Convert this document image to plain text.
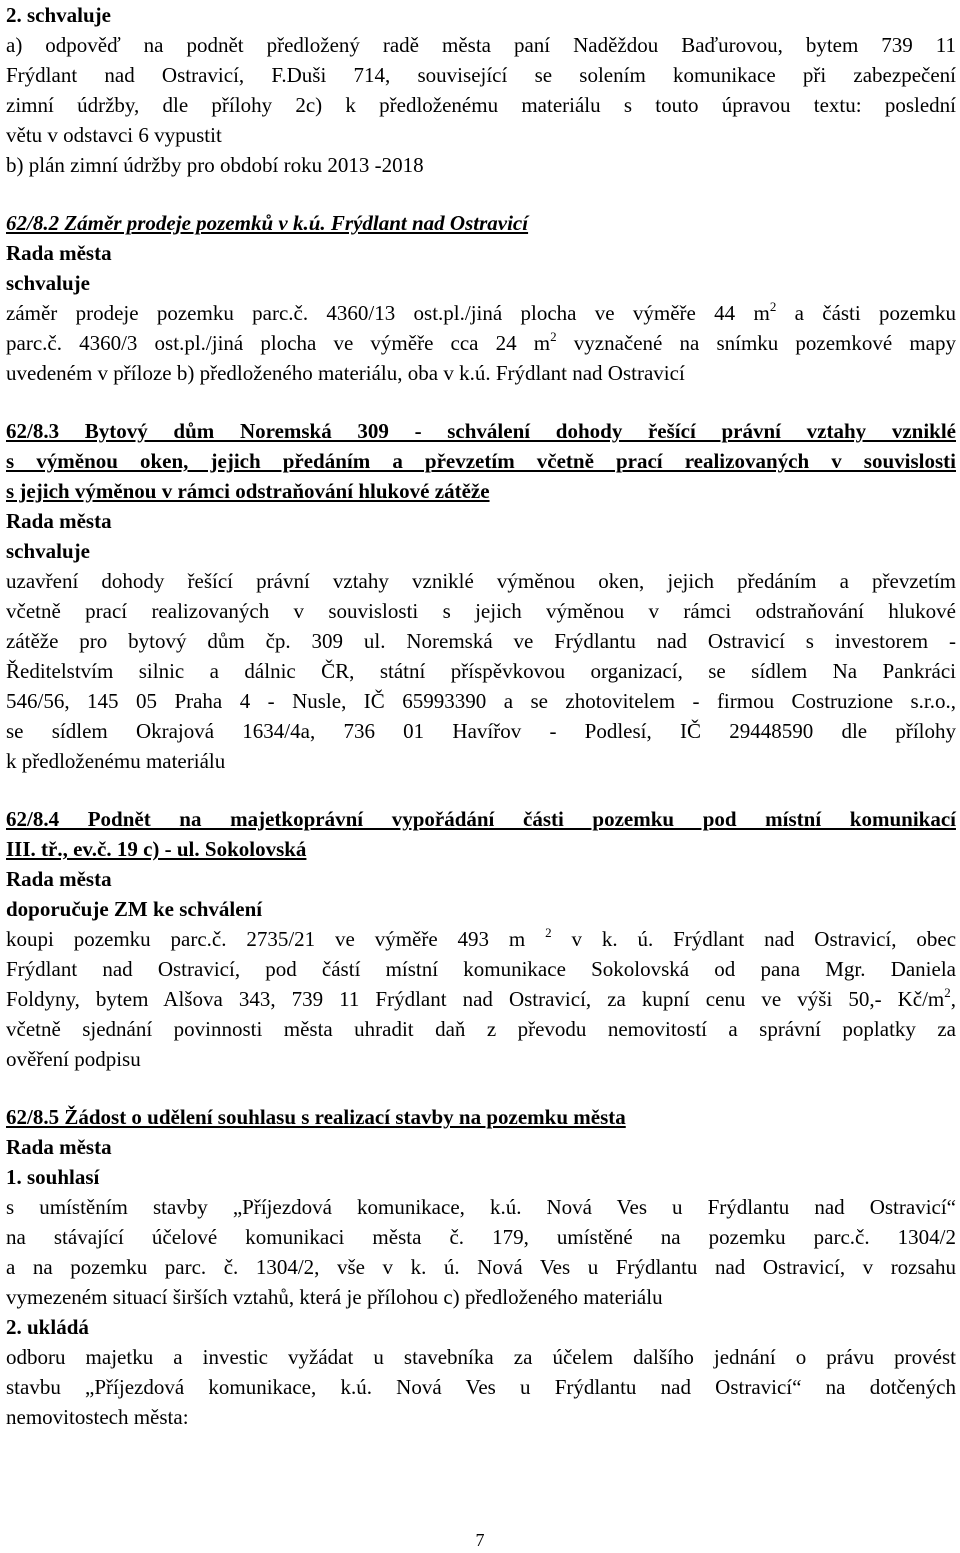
2. schvaluje
a) odpověď na podnět předložený radě města paní Naděždou Baďurovou, bytem 739 11
Frýdlant nad Ostravicí, F.Duši 714, související se solením komunikace při zabezpečení
zimní údržby, dle přílohy 2c) k předloženému materiálu s touto úpravou textu: poslední
větu v odstavci 6 vypustit
b) plán zimní údržby pro období roku 2013 -2018
62/8.2 Záměr prodeje pozemků v k.ú. Frýdlant nad Ostravicí
Rada města
schvaluje
záměr prodeje pozemku parc.č. 4360/13 ost.pl./jiná plocha ve výměře 44 $m^2$ a části pozemku
parc.č. 4360/3 ost.pl./jiná plocha ve výměře cca 24 $m^2$ vyznačené na snímku pozemkové mapy
uvedeném v příloze b) předloženého materiálu, oba v k.ú. Frýdlant nad Ostravicí
62/8.3 Bytový dům Noremská 309 - schválení dohody řešící právní vztahy vzniklé
s výměnou oken, jejich předáním a převzetím včetně prací realizovaných v souvislosti
s jejich výměnou v rámci odstraňování hlukové zátěže
Rada města
schvaluje
uzavření dohody řešící právní vztahy vzniklé výměnou oken, jejich předáním a převzetím
včetně prací realizovaných v souvislosti s jejich výměnou v rámci odstraňování hlukové
zátěže pro bytový dům čp. 309 ul. Noremská ve Frýdlantu nad Ostravicí s investorem -
Ředitelstvím silnic a dálnic ČR, státní příspěvkovou organizací, se sídlem Na Pankráci
546/56, 145 05 Praha 4 - Nusle, IČ 65993390 a se zhotovitelem - firmou Costruzione s.r.o.,
se sídlem Okrajová 1634/4a, 736 01 Havířov - Podlesí, IČ 29448590 dle přílohy
k předloženému materiálu
62/8.4 Podnět na majetkoprávní vypořádání části pozemku pod místní komunikací
III. tř., ev.č. 19 c) - ul. Sokolovská
Rada města
doporučuje ZM ke schválení
koupi pozemku parc.č. 2735/21 ve výměře 493 m $^2$ v k. ú. Frýdlant nad Ostravicí, obec
Frýdlant nad Ostravicí, pod částí místní komunikace Sokolovská od pana Mgr. Daniela
Foldyny, bytem Alšova 343, 739 11 Frýdlant nad Ostravicí, za kupní cenu ve výši 50,- $Kč/m^2$,
včetně sjednání povinnosti města uhradit daň z převodu nemovitostí a správní poplatky za
ověření podpisu
62/8.5 Žádost o udělení souhlasu s realizací stavby na pozemku města
Rada města
1. souhlasí
s umístěním stavby „Příjezdová komunikace, k.ú. Nová Ves u Frýdlantu nad Ostravicí“
na stávající účelové komunikaci města č. 179, umístěné na pozemku parc.č. 1304/2
a na pozemku parc. č. 1304/2, vše v k. ú. Nová Ves u Frýdlantu nad Ostravicí, v rozsahu
vymezeném situací širších vztahů, která je přílohou c) předloženého materiálu
2. ukládá
odboru majetku a investic vyžádat u stavebníka za účelem dalšího jednání o právu provést
stavbu „Příjezdová komunikace, k.ú. Nová Ves u Frýdlantu nad Ostravicí“ na dotčených
nemovitostech města:
7
